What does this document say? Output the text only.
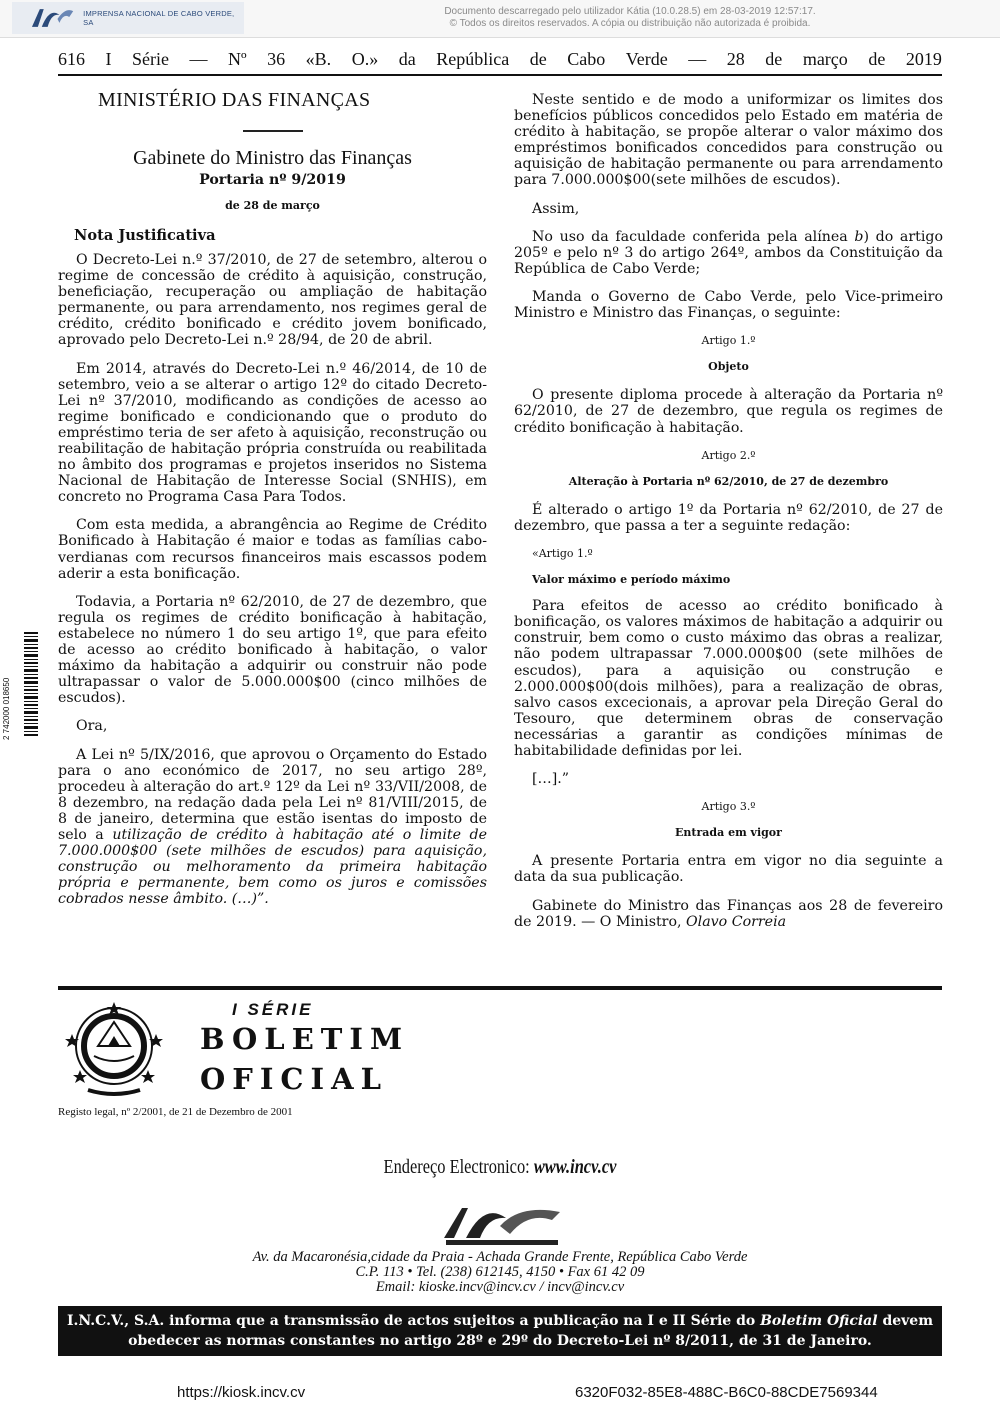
IMPRENSA NACIONAL DE CABO VERDE, SA
Documento descarregado pelo utilizador Kátia (10.0.28.5) em 28-03-2019 12:57:17.
© Todos os direitos reservados. A cópia ou distribuição não autorizada é proibida.
616 I Série — Nº 36 «B. O.» da República de Cabo Verde — 28 de março de 2019
MINISTÉRIO DAS FINANÇAS
Gabinete do Ministro das Finanças
Portaria nº 9/2019
de 28 de março
Nota Justificativa

O Decreto-Lei n.º 37/2010, de 27 de setembro, alterou o regime de concessão de crédito à aquisição, construção, beneficiação, recuperação ou ampliação de habitação permanente, ou para arrendamento, nos regimes geral de crédito, crédito bonificado e crédito jovem bonificado, aprovado pelo Decreto-Lei n.º 28/94, de 20 de abril.

Em 2014, através do Decreto-Lei n.º 46/2014, de 10 de setembro, veio a se alterar o artigo 12º do citado Decreto-Lei nº 37/2010, modificando as condições de acesso ao regime bonificado e condicionando que o produto do empréstimo teria de ser afeto à aquisição, reconstrução ou reabilitação de habitação própria construída ou reabilitada no âmbito dos programas e projetos inseridos no Sistema Nacional de Habitação de Interesse Social (SNHIS), em concreto no Programa Casa Para Todos.

Com esta medida, a abrangência ao Regime de Crédito Bonificado à Habitação é maior e todas as famílias cabo-verdianas com recursos financeiros mais escassos podem aderir a esta bonificação.

Todavia, a Portaria nº 62/2010, de 27 de dezembro, que regula os regimes de crédito bonificação à habitação, estabelece no número 1 do seu artigo 1º, que para efeito de acesso ao crédito bonificado à habitação, o valor máximo da habitação a adquirir ou construir não pode ultrapassar o valor de 5.000.000$00 (cinco milhões de escudos).

Ora,

A Lei nº 5/IX/2016, que aprovou o Orçamento do Estado para o ano económico de 2017, no seu artigo 28º, procedeu à alteração do art.º 12º da Lei nº 33/VII/2008, de 8 dezembro, na redação dada pela Lei nº 81/VIII/2015, de 8 de janeiro, determina que estão isentas do imposto de selo a utilização de crédito à habitação até o limite de 7.000.000$00 (sete milhões de escudos) para aquisição, construção ou melhoramento da primeira habitação própria e permanente, bem como os juros e comissões cobrados nesse âmbito. (…)”.

Neste sentido e de modo a uniformizar os limites dos benefícios públicos concedidos pelo Estado em matéria de crédito à habitação, se propõe alterar o valor máximo dos empréstimos bonificados concedidos para construção ou aquisição de habitação permanente ou para arrendamento para 7.000.000$00(sete milhões de escudos).

Assim,

No uso da faculdade conferida pela alínea b) do artigo 205º e pelo nº 3 do artigo 264º, ambos da Constituição da República de Cabo Verde;

Manda o Governo de Cabo Verde, pelo Vice-primeiro Ministro e Ministro das Finanças, o seguinte:

Artigo 1.º
Objeto

O presente diploma procede à alteração da Portaria nº 62/2010, de 27 de dezembro, que regula os regimes de crédito bonificação à habitação.

Artigo 2.º
Alteração à Portaria nº 62/2010, de 27 de dezembro

É alterado o artigo 1º da Portaria nº 62/2010, de 27 de dezembro, que passa a ter a seguinte redação:

«Artigo 1.º
Valor máximo e período máximo

Para efeitos de acesso ao crédito bonificado à bonificação, os valores máximos de habitação a adquirir ou construir, bem como o custo máximo das obras a realizar, não podem ultrapassar 7.000.000$00 (sete milhões de escudos), para a aquisição ou construção e 2.000.000$00(dois milhões), para a realização de obras, salvo casos excecionais, a aprovar pela Direção Geral do Tesouro, que determinem obras de conservação necessárias a garantir as condições mínimas de habitabilidade definidas por lei.

[…].”

Artigo 3.º
Entrada em vigor

A presente Portaria entra em vigor no dia seguinte a data da sua publicação.

Gabinete do Ministro das Finanças aos 28 de fevereiro de 2019. — O Ministro, Olavo Correia

2 742000 018650
I SÉRIE
BOLETIM
OFICIAL
Registo legal, nº 2/2001, de 21 de Dezembro de 2001
Endereço Electronico: www.incv.cv
Av. da Macaronésia,cidade da Praia - Achada Grande Frente, República Cabo Verde
C.P. 113 • Tel. (238) 612145, 4150 • Fax 61 42 09
Email: kioske.incv@incv.cv / incv@incv.cv
I.N.C.V., S.A. informa que a transmissão de actos sujeitos a publicação na I e II Série do Boletim Oficial devem obedecer as normas constantes no artigo 28º e 29º do Decreto-Lei nº 8/2011, de 31 de Janeiro.
https://kiosk.incv.cv	6320F032-85E8-488C-B6C0-88CDE7569344
